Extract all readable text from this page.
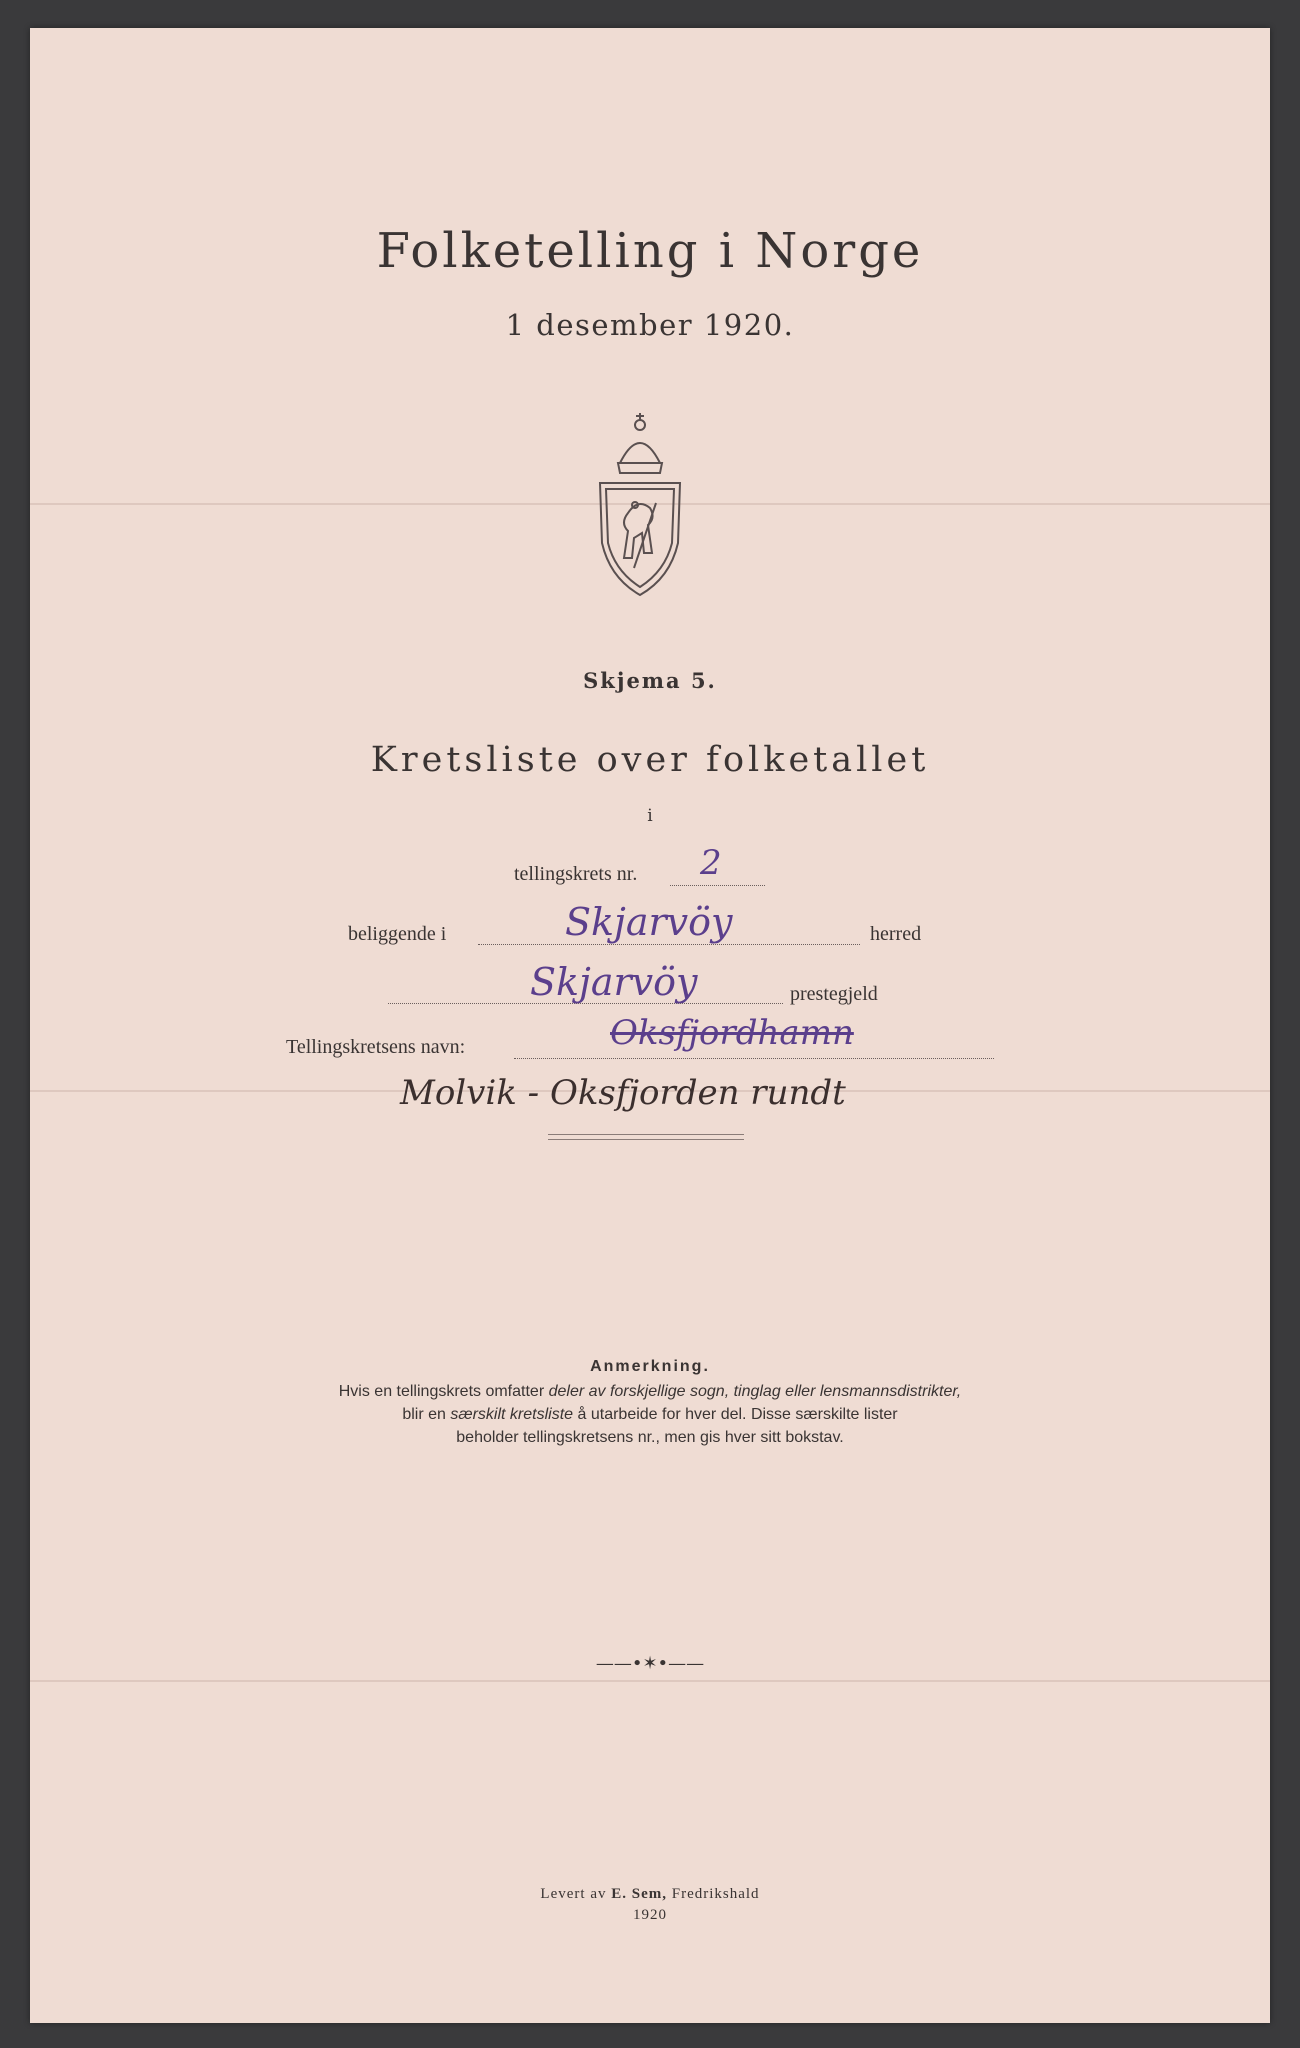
Folketelling i Norge
1 desember 1920.
Skjema 5.
Kretsliste over folketallet
i
tellingskrets nr. 2
beliggende i	Skjarvöy	herred
Skjarvöy	prestegjeld
Tellingskretsens navn:	Oksfjordhamn
Molvik - Oksfjorden rundt
Anmerkning.
Hvis en tellingskrets omfatter deler av forskjellige sogn, tinglag eller lensmannsdistrikter,
blir en særskilt kretsliste å utarbeide for hver del. Disse særskilte lister
beholder tellingskretsens nr., men gis hver sitt bokstav.
——•✶•——
Levert av E. Sem, Fredrikshald
1920
